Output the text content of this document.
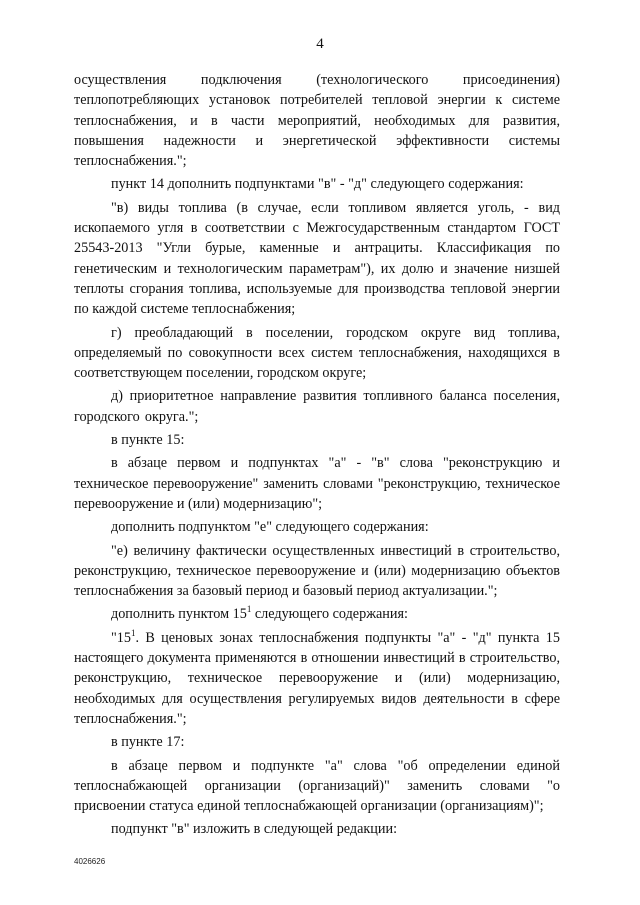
4

осуществления подключения (технологического присоединения) теплопотребляющих установок потребителей тепловой энергии к системе теплоснабжения, и в части мероприятий, необходимых для развития, повышения надежности и энергетической эффективности системы теплоснабжения.";

пункт 14 дополнить подпунктами "в" - "д" следующего содержания:

"в) виды топлива (в случае, если топливом является уголь, - вид ископаемого угля в соответствии с Межгосударственным стандартом ГОСТ 25543-2013 "Угли бурые, каменные и антрациты. Классификация по генетическим и технологическим параметрам"), их долю и значение низшей теплоты сгорания топлива, используемые для производства тепловой энергии по каждой системе теплоснабжения;

г) преобладающий в поселении, городском округе вид топлива, определяемый по совокупности всех систем теплоснабжения, находящихся в соответствующем поселении, городском округе;

д) приоритетное направление развития топливного баланса поселения, городского округа.";

в пункте 15:

в абзаце первом и подпунктах "а" - "в" слова "реконструкцию и техническое перевооружение" заменить словами "реконструкцию, техническое перевооружение и (или) модернизацию";

дополнить подпунктом "е" следующего содержания:

"е) величину фактически осуществленных инвестиций в строительство, реконструкцию, техническое перевооружение и (или) модернизацию объектов теплоснабжения за базовый период и базовый период актуализации.";

дополнить пунктом $15^1$ следующего содержания:

"$15^1$. В ценовых зонах теплоснабжения подпункты "а" - "д" пункта 15 настоящего документа применяются в отношении инвестиций в строительство, реконструкцию, техническое перевооружение и (или) модернизацию, необходимых для осуществления регулируемых видов деятельности в сфере теплоснабжения.";

в пункте 17:

в абзаце первом и подпункте "а" слова "об определении единой теплоснабжающей организации (организаций)" заменить словами "о присвоении статуса единой теплоснабжающей организации (организациям)";

подпункт "в" изложить в следующей редакции:

4026626
